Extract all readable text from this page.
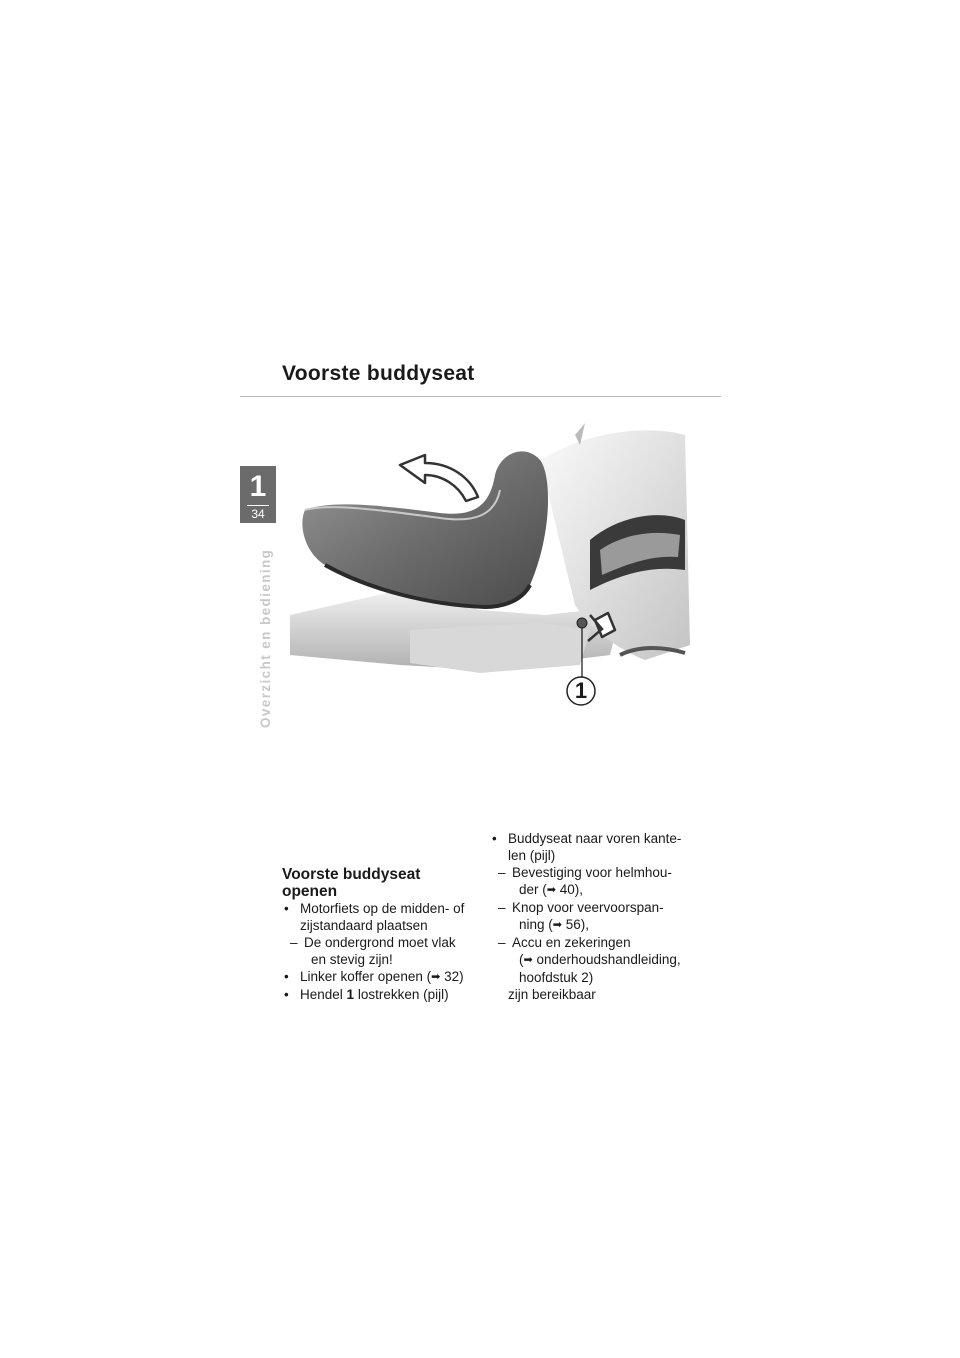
Voorste buddyseat
1
34
Overzicht en bediening	1
Voorste buddyseat
openen
• Motorfiets op de midden- of
zijstandaard plaatsen
– De ondergrond moet vlak
en stevig zijn!
• Linker koffer openen (➡ 32)
• Hendel 1 lostrekken (pijl)
• Buddyseat naar voren kante-
len (pijl)
– Bevestiging voor helmhou-
der (➡ 40),
– Knop voor veervoorspan-
ning (➡ 56),
– Accu en zekeringen
(➡ onderhoudshandleiding,
hoofdstuk 2)
zijn bereikbaar
